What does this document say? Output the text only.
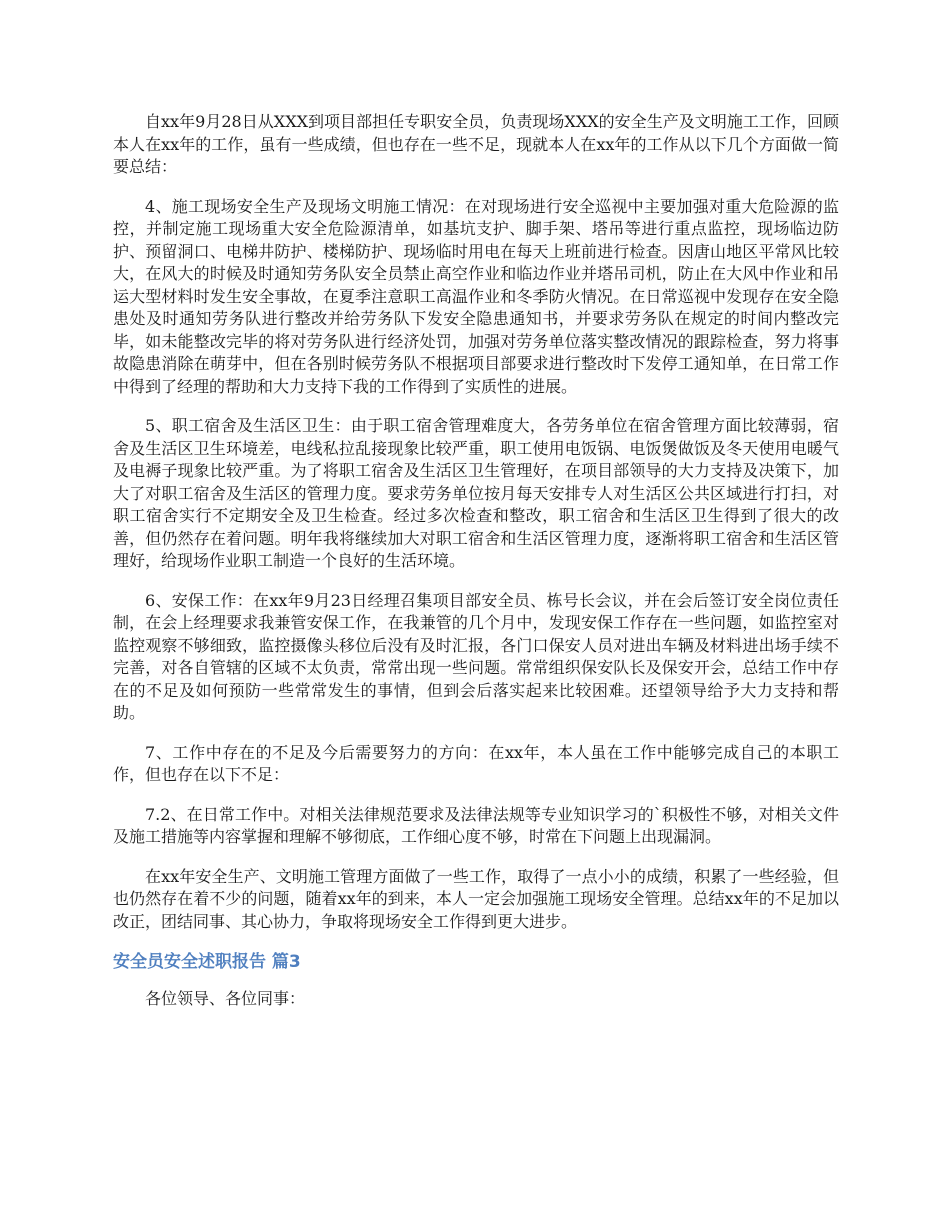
自xx年9月28日从XXX到项目部担任专职安全员，负责现场XXX的安全生产及文明施工工作，回顾本人在xx年的工作，虽有一些成绩，但也存在一些不足，现就本人在xx年的工作从以下几个方面做一简要总结：

4、施工现场安全生产及现场文明施工情况：在对现场进行安全巡视中主要加强对重大危险源的监控，并制定施工现场重大安全危险源清单，如基坑支护、脚手架、塔吊等进行重点监控，现场临边防护、预留洞口、电梯井防护、楼梯防护、现场临时用电在每天上班前进行检查。因唐山地区平常风比较大，在风大的时候及时通知劳务队安全员禁止高空作业和临边作业并塔吊司机，防止在大风中作业和吊运大型材料时发生安全事故，在夏季注意职工高温作业和冬季防火情况。在日常巡视中发现存在安全隐患处及时通知劳务队进行整改并给劳务队下发安全隐患通知书，并要求劳务队在规定的时间内整改完毕，如未能整改完毕的将对劳务队进行经济处罚，加强对劳务单位落实整改情况的跟踪检查，努力将事故隐患消除在萌芽中，但在各别时候劳务队不根据项目部要求进行整改时下发停工通知单，在日常工作中得到了经理的帮助和大力支持下我的工作得到了实质性的进展。

5、职工宿舍及生活区卫生：由于职工宿舍管理难度大，各劳务单位在宿舍管理方面比较薄弱，宿舍及生活区卫生环境差，电线私拉乱接现象比较严重，职工使用电饭锅、电饭煲做饭及冬天使用电暖气及电褥子现象比较严重。为了将职工宿舍及生活区卫生管理好，在项目部领导的大力支持及决策下，加大了对职工宿舍及生活区的管理力度。要求劳务单位按月每天安排专人对生活区公共区域进行打扫，对职工宿舍实行不定期安全及卫生检查。经过多次检查和整改，职工宿舍和生活区卫生得到了很大的改善，但仍然存在着问题。明年我将继续加大对职工宿舍和生活区管理力度，逐渐将职工宿舍和生活区管理好，给现场作业职工制造一个良好的生活环境。

6、安保工作：在xx年9月23日经理召集项目部安全员、栋号长会议，并在会后签订安全岗位责任制，在会上经理要求我兼管安保工作，在我兼管的几个月中，发现安保工作存在一些问题，如监控室对监控观察不够细致，监控摄像头移位后没有及时汇报，各门口保安人员对进出车辆及材料进出场手续不完善，对各自管辖的区域不太负责，常常出现一些问题。常常组织保安队长及保安开会，总结工作中存在的不足及如何预防一些常常发生的事情，但到会后落实起来比较困难。还望领导给予大力支持和帮助。

7、工作中存在的不足及今后需要努力的方向：在xx年，本人虽在工作中能够完成自己的本职工作，但也存在以下不足：

7.2、在日常工作中。对相关法律规范要求及法律法规等专业知识学习的`积极性不够，对相关文件及施工措施等内容掌握和理解不够彻底，工作细心度不够，时常在下问题上出现漏洞。

在xx年安全生产、文明施工管理方面做了一些工作，取得了一点小小的成绩，积累了一些经验，但也仍然存在着不少的问题，随着xx年的到来，本人一定会加强施工现场安全管理。总结xx年的不足加以改正，团结同事、其心协力，争取将现场安全工作得到更大进步。

安全员安全述职报告 篇3

各位领导、各位同事：
